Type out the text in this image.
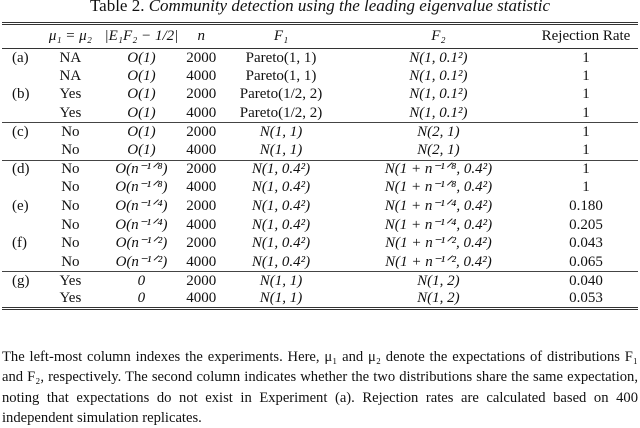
Table 2. Community detection using the leading eigenvalue statistic
	μ₁ = μ₂	|E₁F₂ − 1/2|	n	F₁	F₂	Rejection Rate
(a)	NA	O(1)	2000	Pareto(1, 1)	N(1, 0.1²)	1
	NA	O(1)	4000	Pareto(1, 1)	N(1, 0.1²)	1
(b)	Yes	O(1)	2000	Pareto(1/2, 2)	N(1, 0.1²)	1
	Yes	O(1)	4000	Pareto(1/2, 2)	N(1, 0.1²)	1
(c)	No	O(1)	2000	N(1, 1)	N(2, 1)	1
	No	O(1)	4000	N(1, 1)	N(2, 1)	1
(d)	No	O(n⁻¹ᐟ⁸)	2000	N(1, 0.4²)	N(1 + n⁻¹ᐟ⁸, 0.4²)	1
	No	O(n⁻¹ᐟ⁸)	4000	N(1, 0.4²)	N(1 + n⁻¹ᐟ⁸, 0.4²)	1
(e)	No	O(n⁻¹ᐟ⁴)	2000	N(1, 0.4²)	N(1 + n⁻¹ᐟ⁴, 0.4²)	0.180
	No	O(n⁻¹ᐟ⁴)	4000	N(1, 0.4²)	N(1 + n⁻¹ᐟ⁴, 0.4²)	0.205
(f)	No	O(n⁻¹ᐟ²)	2000	N(1, 0.4²)	N(1 + n⁻¹ᐟ², 0.4²)	0.043
	No	O(n⁻¹ᐟ²)	4000	N(1, 0.4²)	N(1 + n⁻¹ᐟ², 0.4²)	0.065
(g)	Yes	0	2000	N(1, 1)	N(1, 2)	0.040
	Yes	0	4000	N(1, 1)	N(1, 2)	0.053
The left-most column indexes the experiments. Here, μ₁ and μ₂ denote the expectations of distributions F₁ and F₂, respectively. The second column indicates whether the two distributions share the same expectation, noting that expectations do not exist in Experiment (a). Rejection rates are calculated based on 400 independent simulation replicates.
